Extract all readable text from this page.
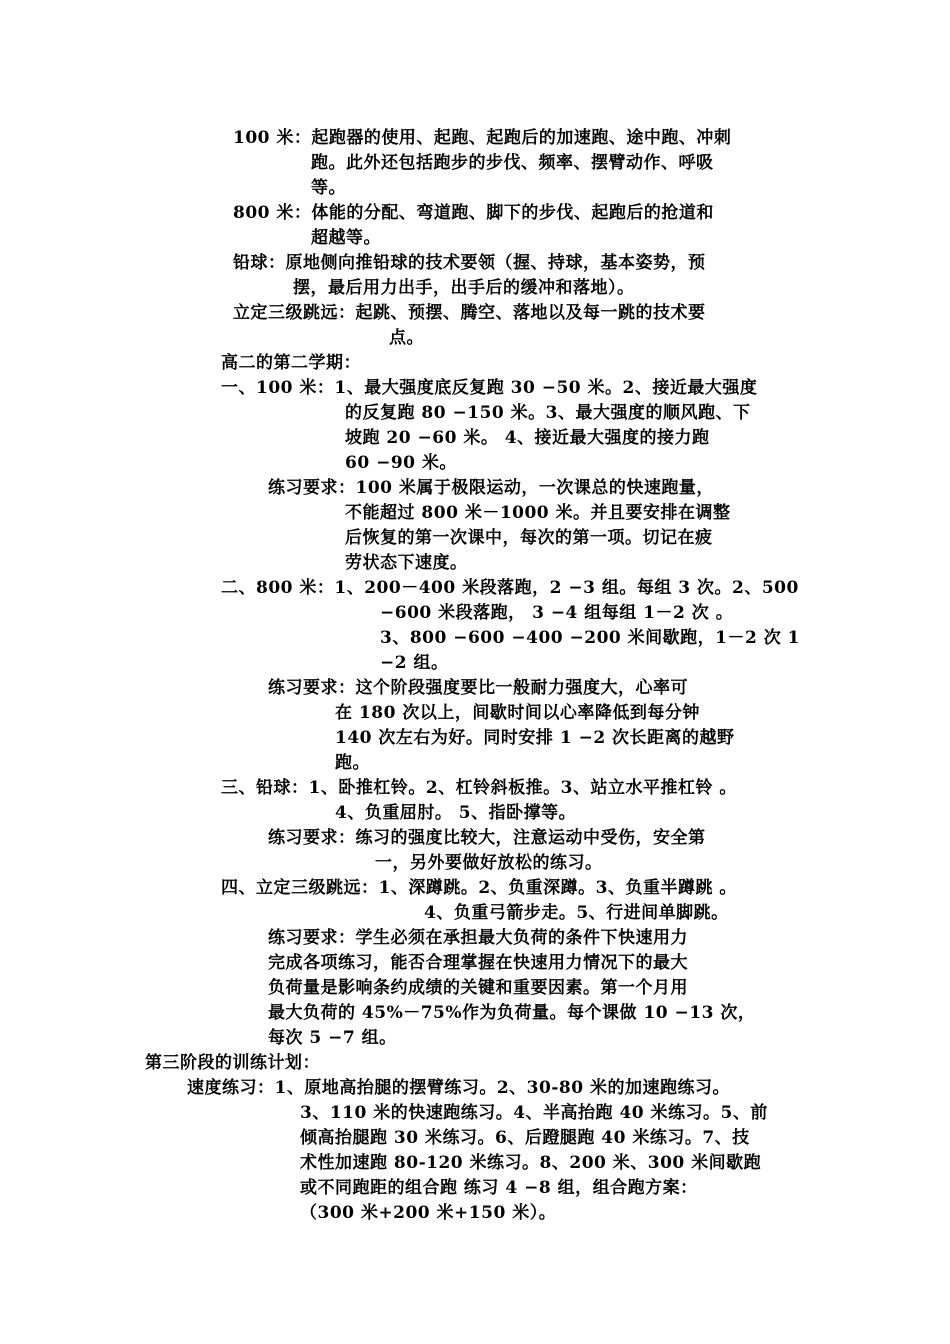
100 米：起跑器的使用、起跑、起跑后的加速跑、途中跑、冲刺
跑。此外还包括跑步的步伐、频率、摆臂动作、呼吸
等。
800 米：体能的分配、弯道跑、脚下的步伐、起跑后的抢道和
超越等。
铅球：原地侧向推铅球的技术要领（握、持球，基本姿势，预
摆，最后用力出手，出手后的缓冲和落地）。
立定三级跳远：起跳、预摆、腾空、落地以及每一跳的技术要
点。
高二的第二学期：
一、100 米：1、最大强度底反复跑 30 −50 米。2、接近最大强度
的反复跑 80 −150 米。3、最大强度的顺风跑、下
坡跑 20 −60 米。 4、接近最大强度的接力跑
60 −90 米。
练习要求：100 米属于极限运动，一次课总的快速跑量，
不能超过 800 米－1000 米。并且要安排在调整
后恢复的第一次课中，每次的第一项。切记在疲
劳状态下速度。
二、800 米：1、200－400 米段落跑，2 −3 组。每组 3 次。2、500
−600 米段落跑， 3 −4 组每组 1－2 次 。
3、800 −600 −400 −200 米间歇跑，1－2 次 1
−2 组。
练习要求：这个阶段强度要比一般耐力强度大，心率可
在 180 次以上，间歇时间以心率降低到每分钟
140 次左右为好。同时安排 1 −2 次长距离的越野
跑。
三、铅球：1、卧推杠铃。2、杠铃斜板推。3、站立水平推杠铃 。
4、负重屈肘。 5、指卧撑等。
练习要求：练习的强度比较大，注意运动中受伤，安全第
一，另外要做好放松的练习。
四、立定三级跳远：1、深蹲跳。2、负重深蹲。3、负重半蹲跳 。
4、负重弓箭步走。5、行进间单脚跳。
练习要求：学生必须在承担最大负荷的条件下快速用力
完成各项练习，能否合理掌握在快速用力情况下的最大
负荷量是影响条约成绩的关键和重要因素。第一个月用
最大负荷的 45%－75%作为负荷量。每个课做 10 −13 次，
每次 5 −7 组。
第三阶段的训练计划：
速度练习：1、原地高抬腿的摆臂练习。2、30-80 米的加速跑练习。
3、110 米的快速跑练习。4、半高抬跑 40 米练习。5、前
倾高抬腿跑 30 米练习。6、后蹬腿跑 40 米练习。7、技
术性加速跑 80-120 米练习。8、200 米、300 米间歇跑
或不同跑距的组合跑 练习 4 −8 组，组合跑方案：
（300 米+200 米+150 米）。
